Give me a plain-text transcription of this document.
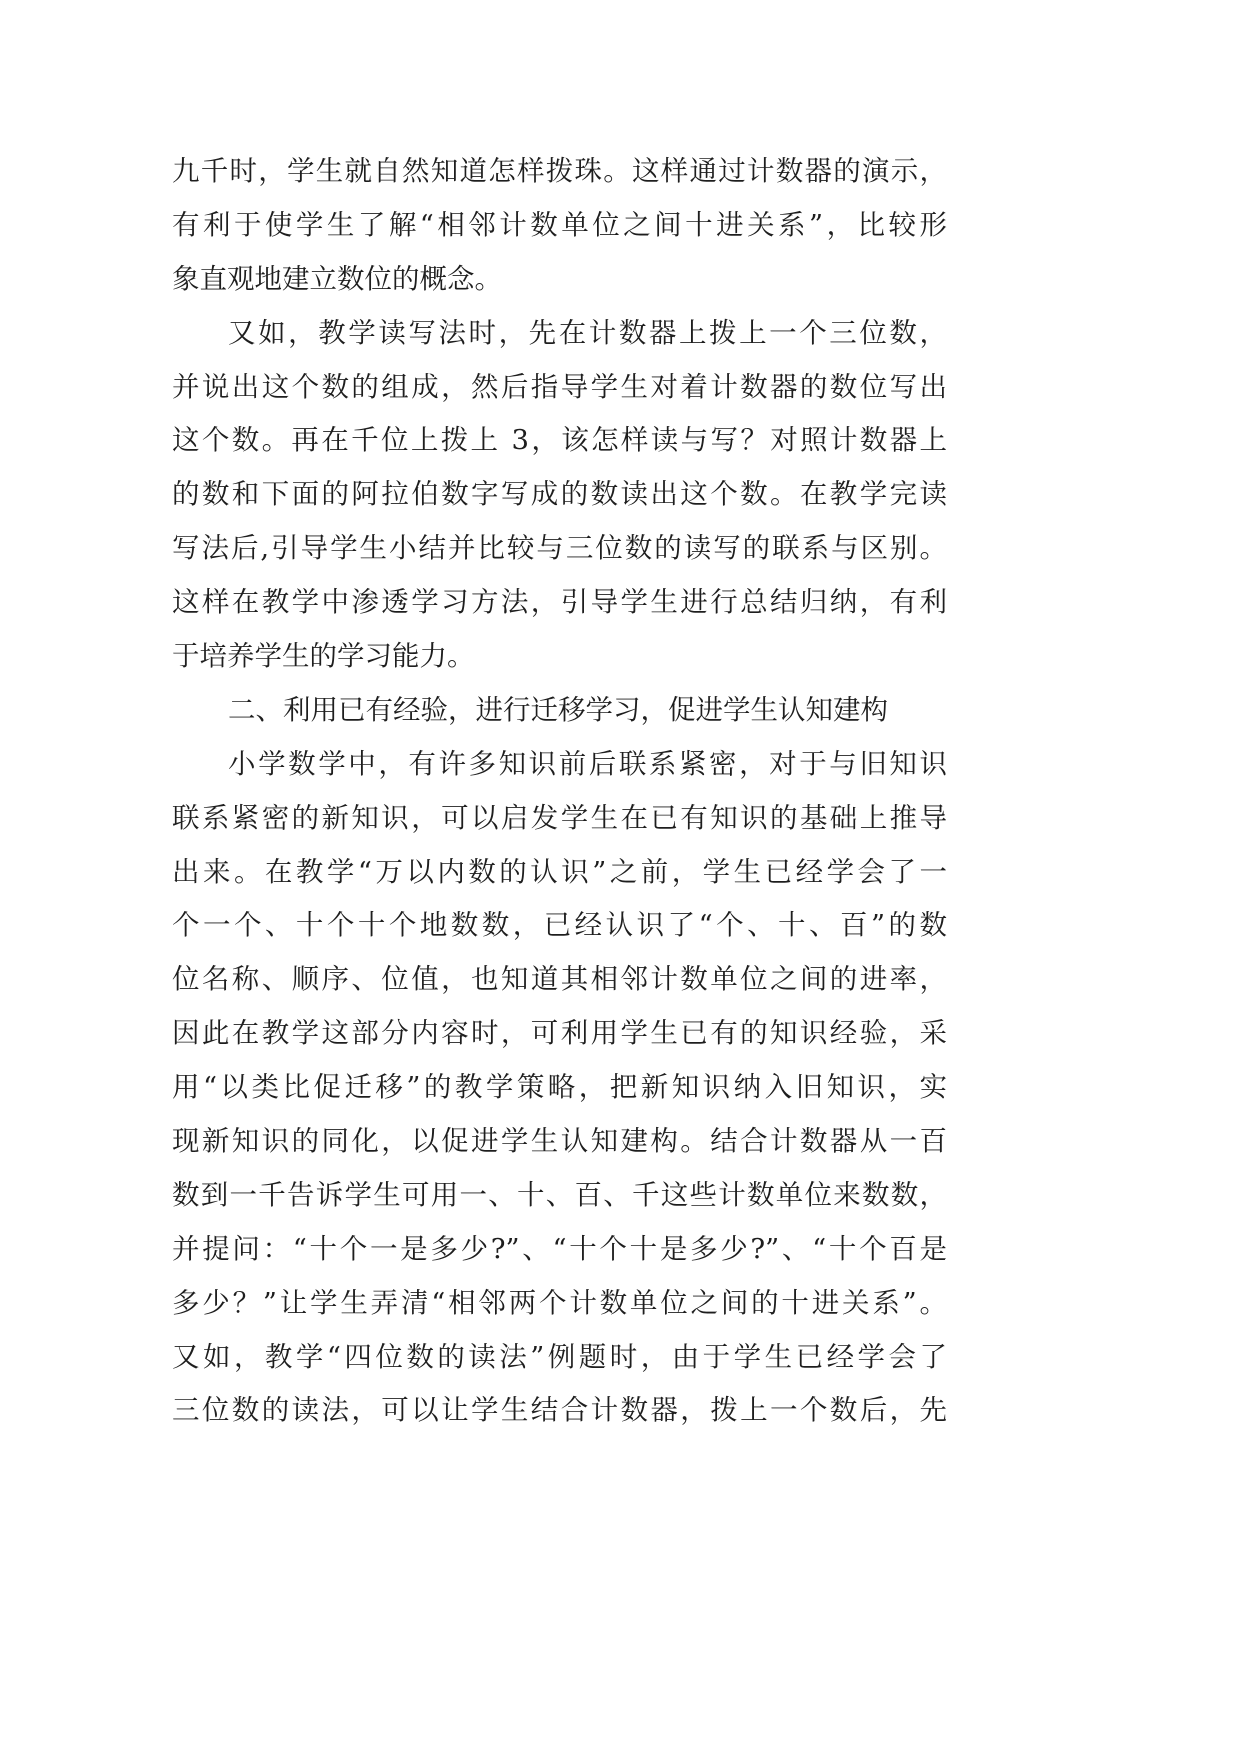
九千时，学生就自然知道怎样拨珠。这样通过计数器的演示，
有利于使学生了解“相邻计数单位之间十进关系”，比较形
象直观地建立数位的概念。
又如，教学读写法时，先在计数器上拨上一个三位数，
并说出这个数的组成，然后指导学生对着计数器的数位写出
这个数。再在千位上拨上 3，该怎样读与写？对照计数器上
的数和下面的阿拉伯数字写成的数读出这个数。在教学完读
写法后,引导学生小结并比较与三位数的读写的联系与区别。
这样在教学中渗透学习方法，引导学生进行总结归纳，有利
于培养学生的学习能力。
二、利用已有经验，进行迁移学习，促进学生认知建构
小学数学中，有许多知识前后联系紧密，对于与旧知识
联系紧密的新知识，可以启发学生在已有知识的基础上推导
出来。在教学“万以内数的认识”之前，学生已经学会了一
个一个、十个十个地数数，已经认识了“个、十、百”的数
位名称、顺序、位值，也知道其相邻计数单位之间的进率，
因此在教学这部分内容时，可利用学生已有的知识经验，采
用“以类比促迁移”的教学策略，把新知识纳入旧知识，实
现新知识的同化，以促进学生认知建构。结合计数器从一百
数到一千告诉学生可用一、十、百、千这些计数单位来数数，
并提问：“十个一是多少?”、“十个十是多少?”、“十个百是
多少？”让学生弄清“相邻两个计数单位之间的十进关系”。
又如，教学“四位数的读法”例题时，由于学生已经学会了
三位数的读法，可以让学生结合计数器，拨上一个数后，先
